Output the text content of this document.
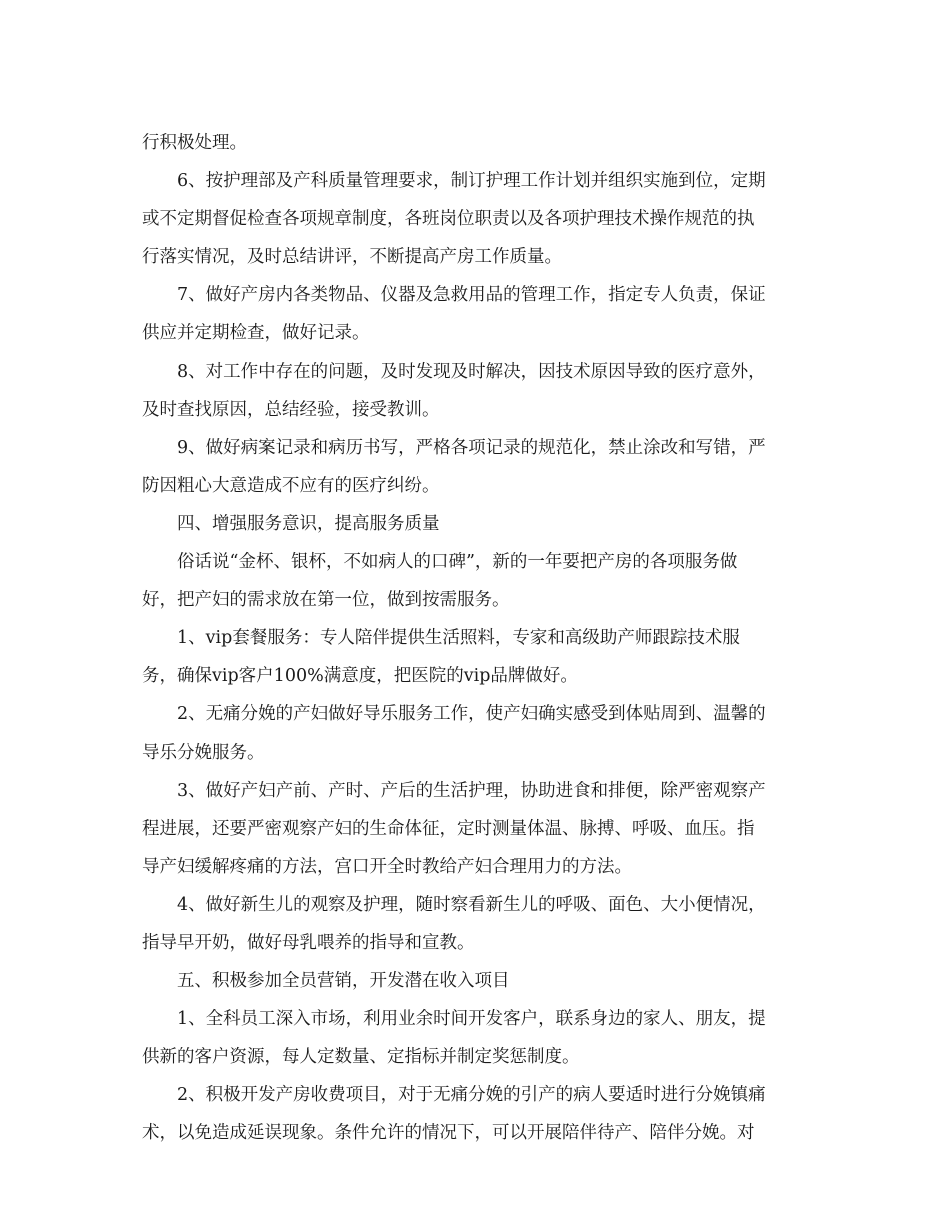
行积极处理。
6、按护理部及产科质量管理要求，制订护理工作计划并组织实施到位，定期
或不定期督促检查各项规章制度，各班岗位职责以及各项护理技术操作规范的执
行落实情况，及时总结讲评，不断提高产房工作质量。
7、做好产房内各类物品、仪器及急救用品的管理工作，指定专人负责，保证
供应并定期检查，做好记录。
8、对工作中存在的问题，及时发现及时解决，因技术原因导致的医疗意外，
及时查找原因，总结经验，接受教训。
9、做好病案记录和病历书写，严格各项记录的规范化，禁止涂改和写错，严
防因粗心大意造成不应有的医疗纠纷。
四、增强服务意识，提高服务质量
俗话说“金杯、银杯，不如病人的口碑”，新的一年要把产房的各项服务做
好，把产妇的需求放在第一位，做到按需服务。
1、vip套餐服务：专人陪伴提供生活照料，专家和高级助产师跟踪技术服
务，确保vip客户100%满意度，把医院的vip品牌做好。
2、无痛分娩的产妇做好导乐服务工作，使产妇确实感受到体贴周到、温馨的
导乐分娩服务。
3、做好产妇产前、产时、产后的生活护理，协助进食和排便，除严密观察产
程进展，还要严密观察产妇的生命体征，定时测量体温、脉搏、呼吸、血压。指
导产妇缓解疼痛的方法，宫口开全时教给产妇合理用力的方法。
4、做好新生儿的观察及护理，随时察看新生儿的呼吸、面色、大小便情况，
指导早开奶，做好母乳喂养的指导和宣教。
五、积极参加全员营销，开发潜在收入项目
1、全科员工深入市场，利用业余时间开发客户，联系身边的家人、朋友，提
供新的客户资源，每人定数量、定指标并制定奖惩制度。
2、积极开发产房收费项目，对于无痛分娩的引产的病人要适时进行分娩镇痛
术，以免造成延误现象。条件允许的情况下，可以开展陪伴待产、陪伴分娩。对
